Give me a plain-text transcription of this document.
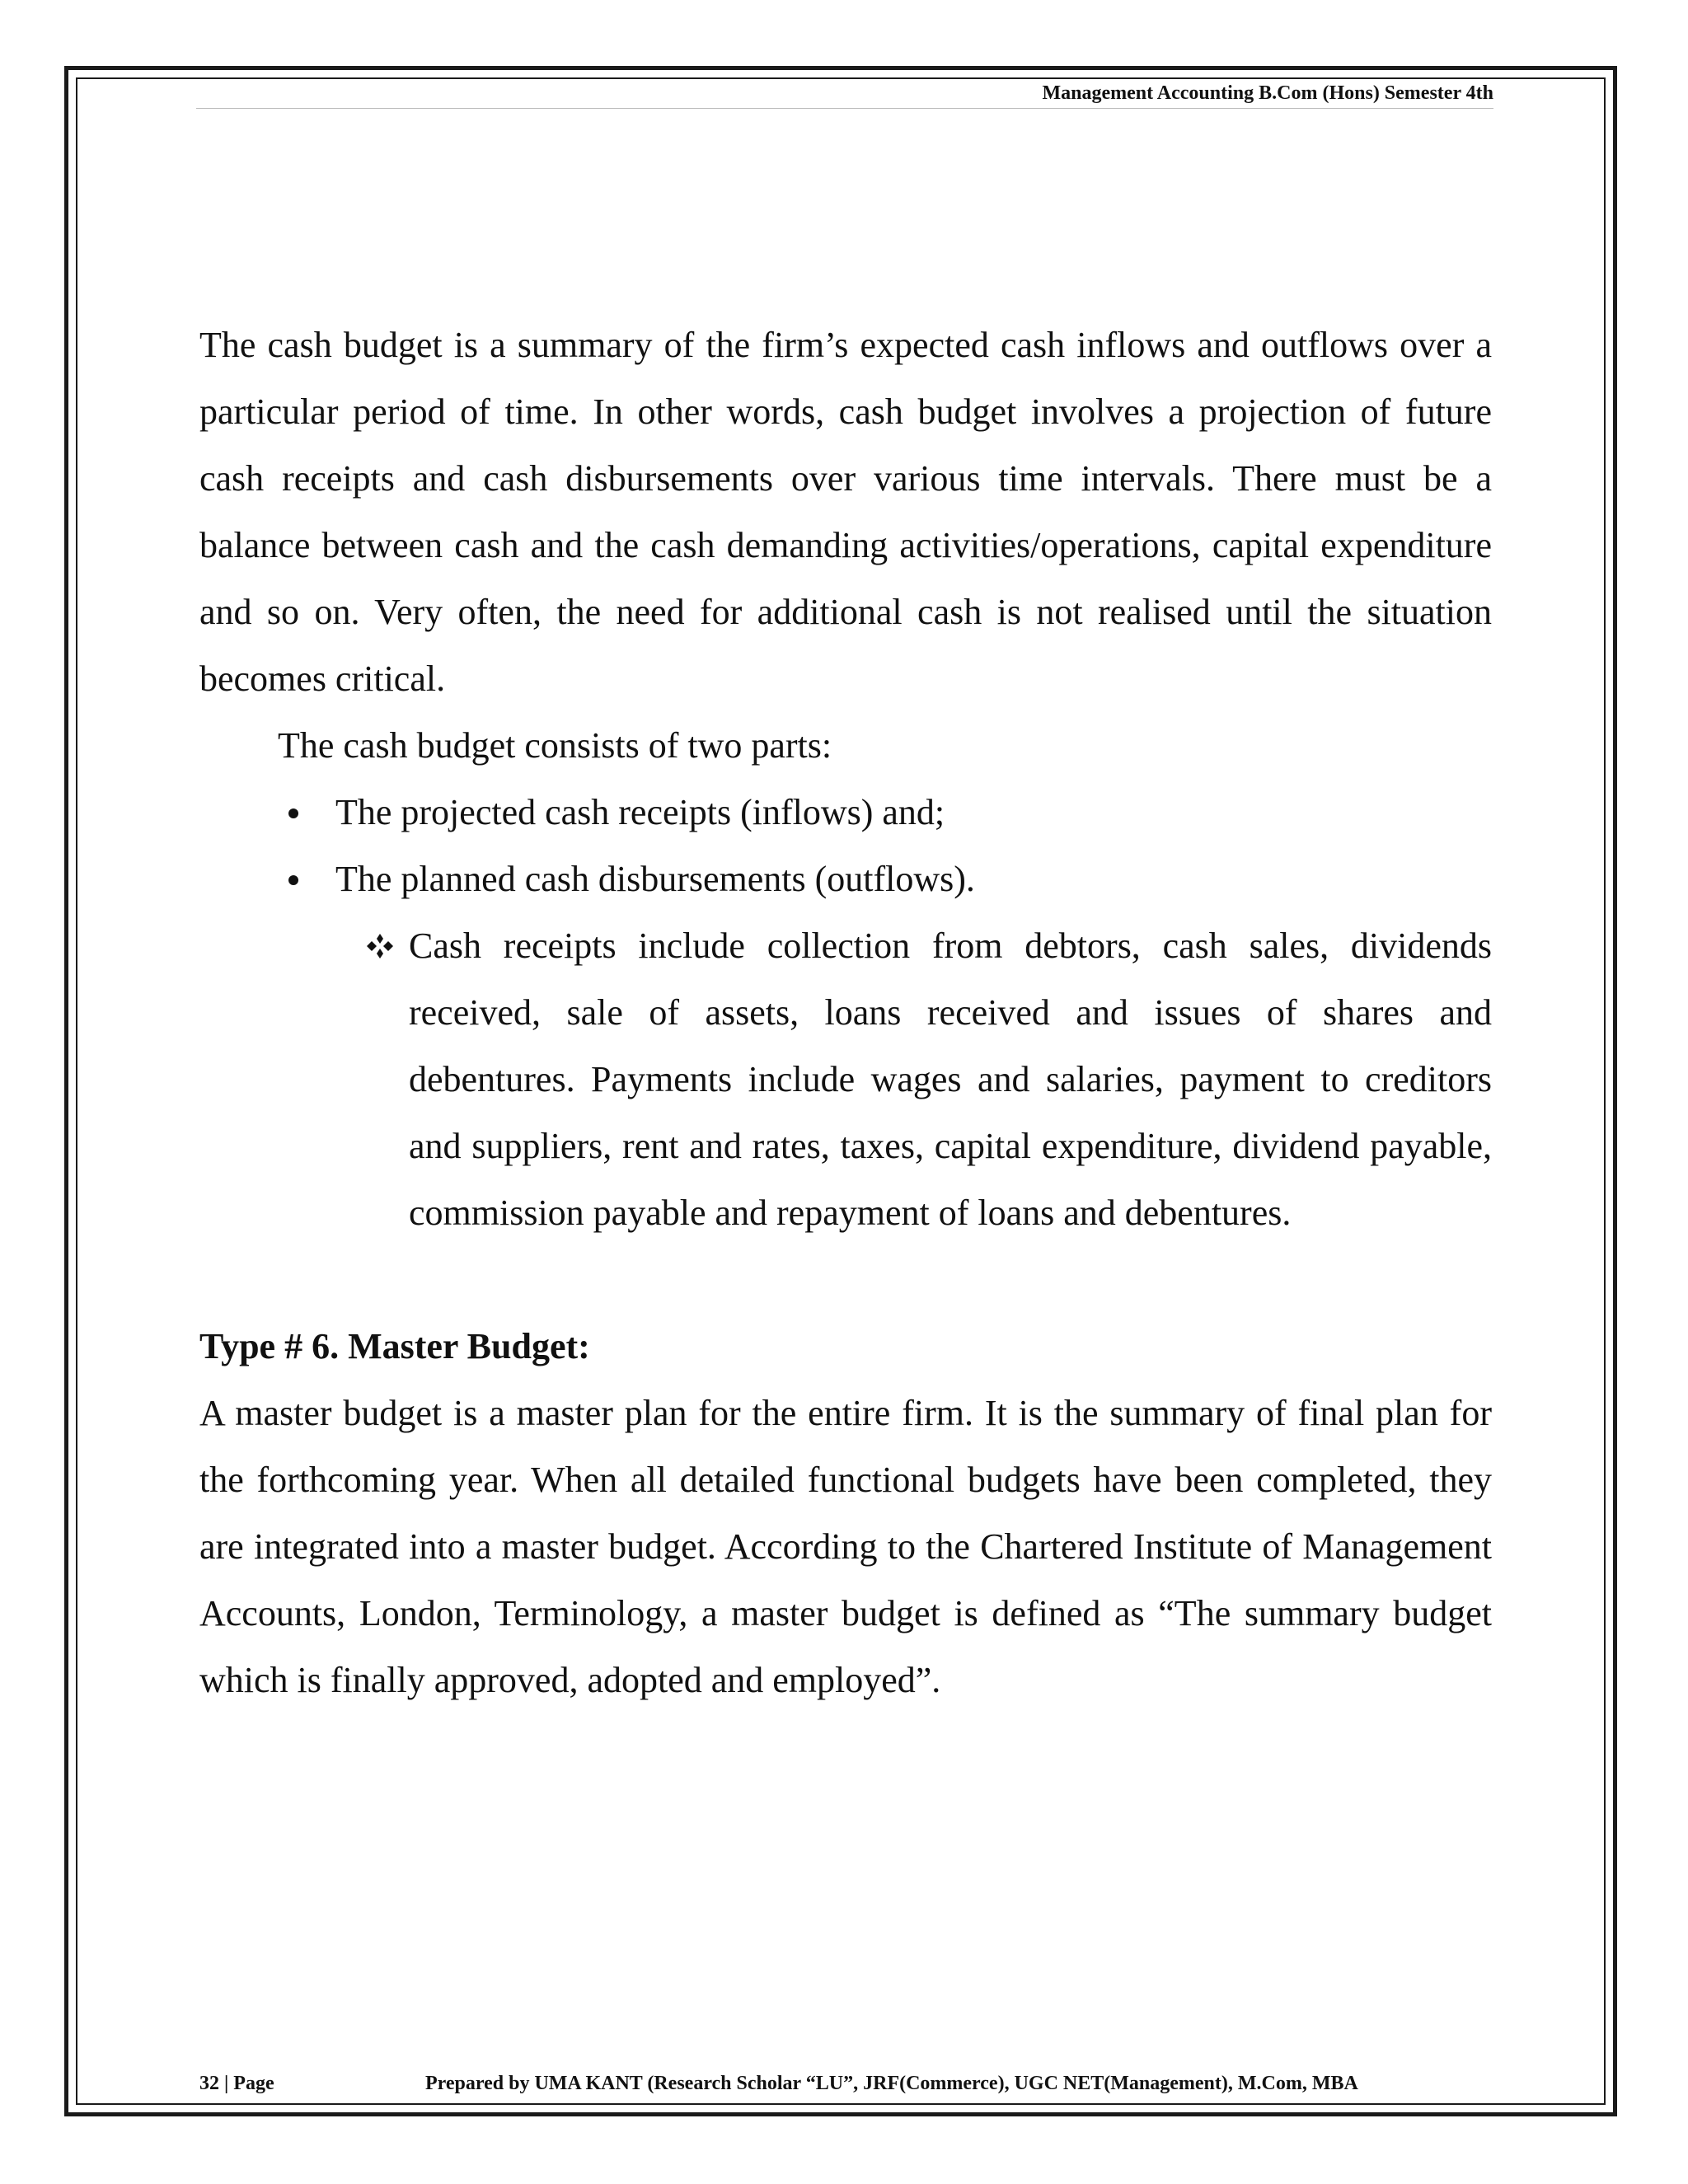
Management Accounting B.Com (Hons) Semester 4th

The cash budget is a summary of the firm’s expected cash inflows and outflows over a particular period of time. In other words, cash budget involves a projection of future cash receipts and cash disbursements over various time intervals. There must be a balance between cash and the cash demanding activities/operations, capital expenditure and so on. Very often, the need for additional cash is not realised until the situation becomes critical.

The cash budget consists of two parts:

The projected cash receipts (inflows) and;
The planned cash disbursements (outflows).
Cash receipts include collection from debtors, cash sales, dividends received, sale of assets, loans received and issues of shares and debentures. Payments include wages and salaries, payment to creditors and suppliers, rent and rates, taxes, capital expenditure, dividend payable, commission payable and repayment of loans and debentures.
Type # 6. Master Budget:

A master budget is a master plan for the entire firm. It is the summary of final plan for the forthcoming year. When all detailed functional budgets have been completed, they are integrated into a master budget. According to the Chartered Institute of Management Accounts, London, Terminology, a master budget is defined as “The summary budget which is finally approved, adopted and employed”.

32 | Page	Prepared by UMA KANT (Research Scholar “LU”, JRF(Commerce), UGC NET(Management), M.Com, MBA
